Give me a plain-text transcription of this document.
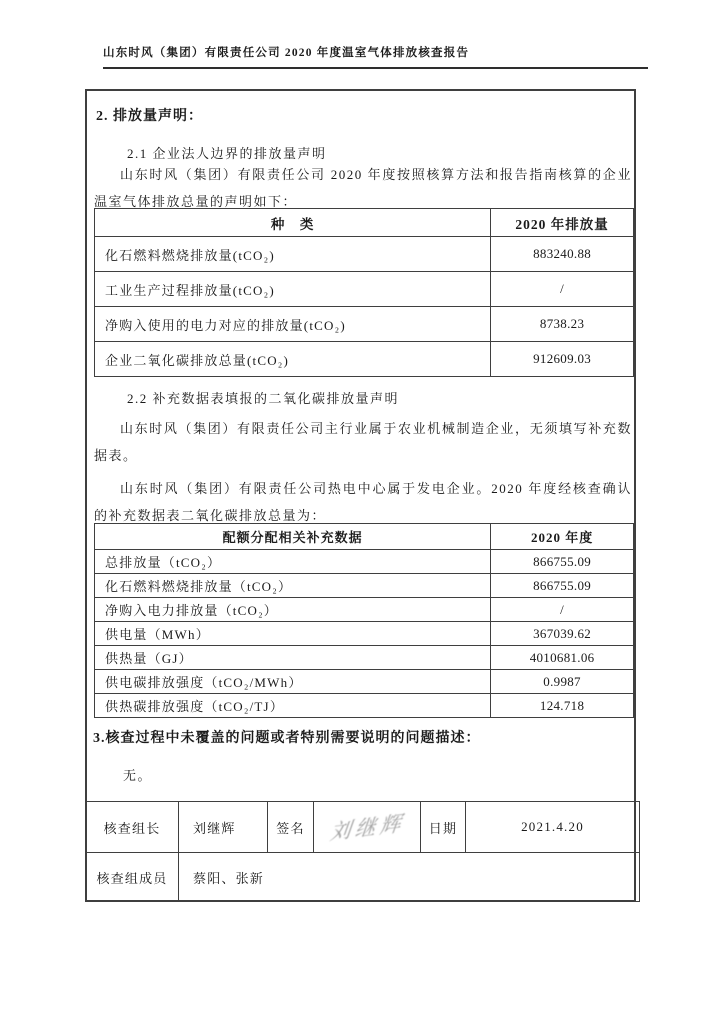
山东时风（集团）有限责任公司 2020 年度温室气体排放核查报告
2. 排放量声明：
2.1 企业法人边界的排放量声明
山东时风（集团）有限责任公司 2020 年度按照核算方法和报告指南核算的企业温室气体排放总量的声明如下：
种　类	2020 年排放量
化石燃料燃烧排放量(tCO₂)	883240.88
工业生产过程排放量(tCO₂)	/
净购入使用的电力对应的排放量(tCO₂)	8738.23
企业二氧化碳排放总量(tCO₂)	912609.03
2.2 补充数据表填报的二氧化碳排放量声明
山东时风（集团）有限责任公司主行业属于农业机械制造企业，无须填写补充数据表。
山东时风（集团）有限责任公司热电中心属于发电企业。2020 年度经核查确认的补充数据表二氧化碳排放总量为：
配额分配相关补充数据	2020 年度
总排放量（tCO₂）	866755.09
化石燃料燃烧排放量（tCO₂）	866755.09
净购入电力排放量（tCO₂）	/
供电量（MWh）	367039.62
供热量（GJ）	4010681.06
供电碳排放强度（tCO₂/MWh）	0.9987
供热碳排放强度（tCO₂/TJ）	124.718
3.核查过程中未覆盖的问题或者特别需要说明的问题描述：
无。
核查组长	刘继辉	签名	刘继辉	日期	2021.4.20
核查组成员	蔡阳、张新				
